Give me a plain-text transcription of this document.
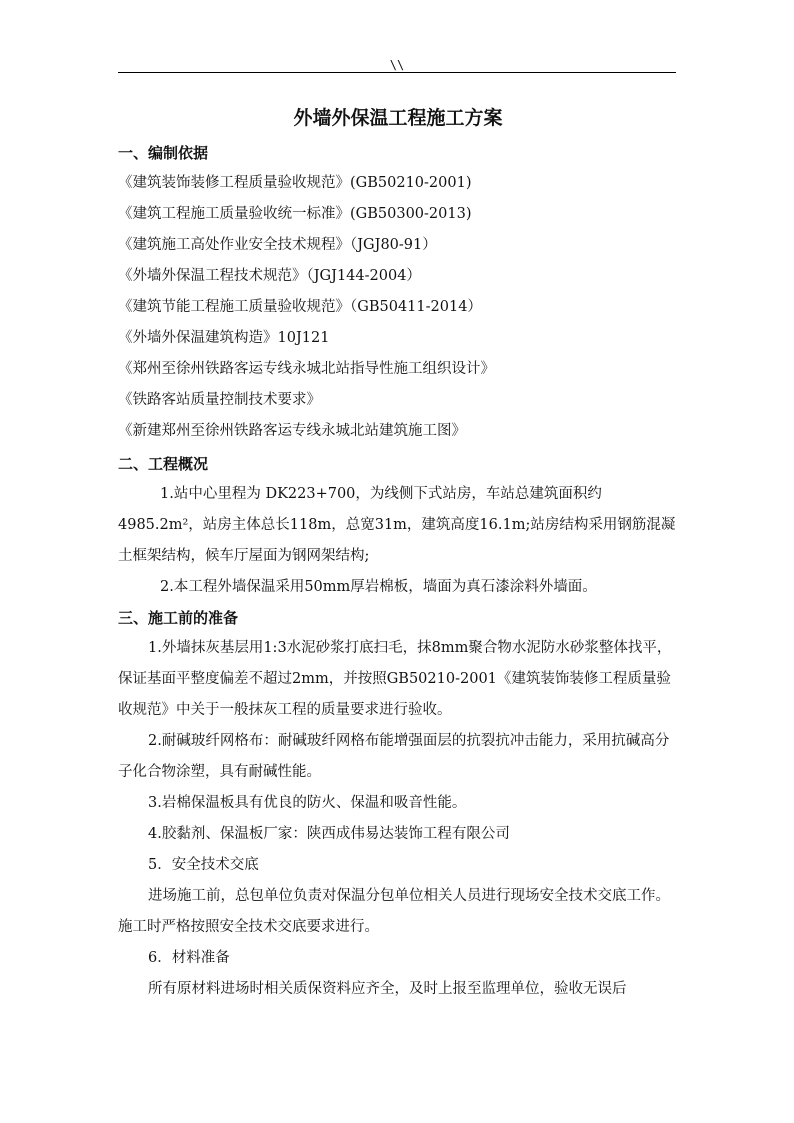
\\
外墙外保温工程施工方案
一、编制依据
《建筑装饰装修工程质量验收规范》(GB50210-2001)
《建筑工程施工质量验收统一标准》(GB50300-2013)
《建筑施工高处作业安全技术规程》（JGJ80-91）
《外墙外保温工程技术规范》（JGJ144-2004）
《建筑节能工程施工质量验收规范》（GB50411-2014）
《外墙外保温建筑构造》10J121
《郑州至徐州铁路客运专线永城北站指导性施工组织设计》
《铁路客站质量控制技术要求》
《新建郑州至徐州铁路客运专线永城北站建筑施工图》
二、工程概况
1.站中心里程为 DK223+700，为线侧下式站房，车站总建筑面积约 4985.2m²，站房主体总长118m，总宽31m，建筑高度16.1m;站房结构采用钢筋混凝土框架结构，候车厅屋面为钢网架结构;
2.本工程外墙保温采用50mm厚岩棉板，墙面为真石漆涂料外墙面。
三、施工前的准备
1.外墙抹灰基层用1:3水泥砂浆打底扫毛，抹8mm聚合物水泥防水砂浆整体找平，保证基面平整度偏差不超过2mm，并按照GB50210-2001《建筑装饰装修工程质量验收规范》中关于一般抹灰工程的质量要求进行验收。
2.耐碱玻纤网格布：耐碱玻纤网格布能增强面层的抗裂抗冲击能力，采用抗碱高分子化合物涂塑，具有耐碱性能。
3.岩棉保温板具有优良的防火、保温和吸音性能。
4.胶黏剂、保温板厂家：陕西成伟易达装饰工程有限公司
5．安全技术交底
进场施工前，总包单位负责对保温分包单位相关人员进行现场安全技术交底工作。施工时严格按照安全技术交底要求进行。
6．材料准备
所有原材料进场时相关质保资料应齐全，及时上报至监理单位，验收无误后
